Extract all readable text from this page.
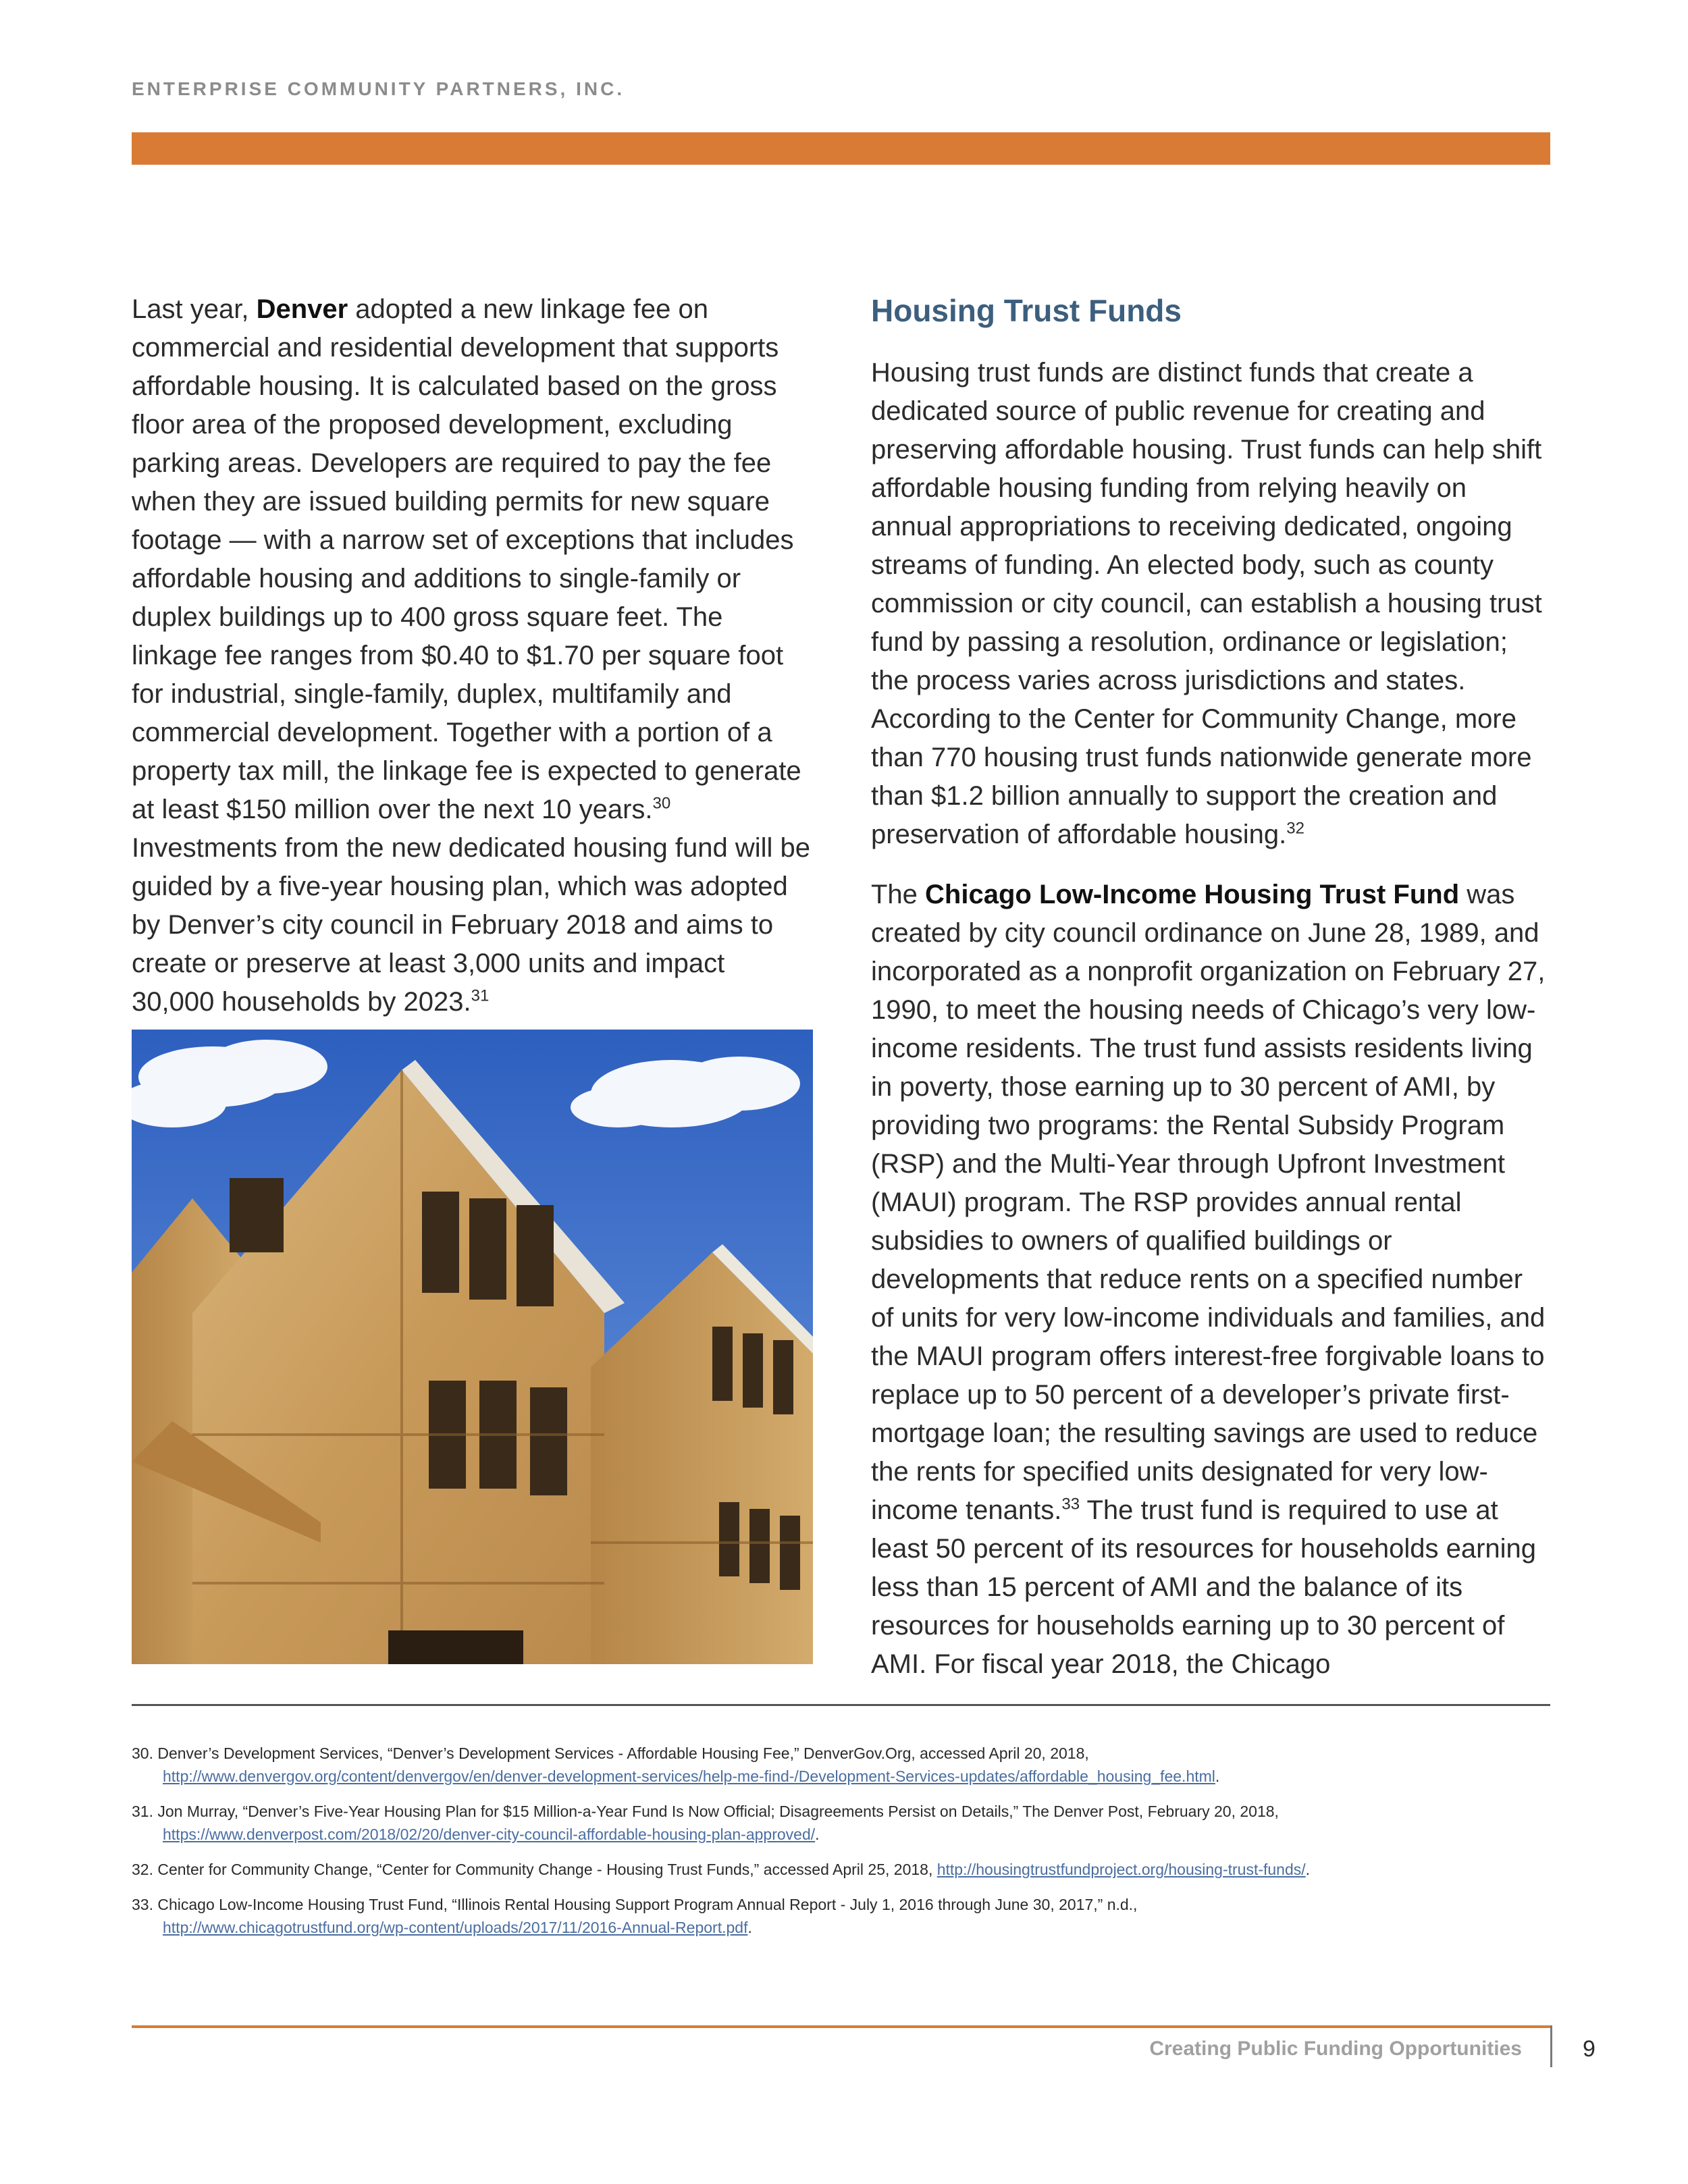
ENTERPRISE COMMUNITY PARTNERS, INC.

Last year, Denver adopted a new linkage fee on commercial and residential development that supports affordable housing. It is calculated based on the gross floor area of the proposed development, excluding parking areas. Developers are required to pay the fee when they are issued building permits for new square footage — with a narrow set of exceptions that includes affordable housing and additions to single-family or duplex buildings up to 400 gross square feet. The linkage fee ranges from $0.40 to $1.70 per square foot for industrial, single-family, duplex, multifamily and commercial development. Together with a portion of a property tax mill, the linkage fee is expected to generate at least $150 million over the next 10 years.$^{30}$ Investments from the new dedicated housing fund will be guided by a five-year housing plan, which was adopted by Denver’s city council in February 2018 and aims to create or preserve at least 3,000 units and impact 30,000 households by 2023.31

Housing Trust Funds

Housing trust funds are distinct funds that create a dedicated source of public revenue for creating and preserving affordable housing. Trust funds can help shift affordable housing funding from relying heavily on annual appropriations to receiving dedicated, ongoing streams of funding. An elected body, such as county commission or city council, can establish a housing trust fund by passing a resolution, ordinance or legislation; the process varies across jurisdictions and states. According to the Center for Community Change, more than 770 housing trust funds nationwide generate more than $1.2 billion annually to support the creation and preservation of affordable housing.$^{32}$

The Chicago Low-Income Housing Trust Fund was created by city council ordinance on June 28, 1989, and incorporated as a nonprofit organization on February 27, 1990, to meet the housing needs of Chicago’s very low-income residents. The trust fund assists residents living in poverty, those earning up to 30 percent of AMI, by providing two programs: the Rental Subsidy Program (RSP) and the Multi-Year through Upfront Investment (MAUI) program. The RSP provides annual rental subsidies to owners of qualified buildings or developments that reduce rents on a specified number of units for very low-income individuals and families, and the MAUI program offers interest-free forgivable loans to replace up to 50 percent of a developer’s private first-mortgage loan; the resulting savings are used to reduce the rents for specified units designated for very low-income tenants.$^{33}$ The trust fund is required to use at least 50 percent of its resources for households earning less than 15 percent of AMI and the balance of its resources for households earning up to 30 percent of AMI. For fiscal year 2018, the Chicago

30. Denver’s Development Services, “Denver’s Development Services - Affordable Housing Fee,” DenverGov.Org, accessed April 20, 2018,
http://www.denvergov.org/content/denvergov/en/denver-development-services/help-me-find-/Development-Services-updates/affordable_housing_fee.html.

31. Jon Murray, “Denver’s Five-Year Housing Plan for $15 Million-a-Year Fund Is Now Official; Disagreements Persist on Details,” The Denver Post, February 20, 2018,
https://www.denverpost.com/2018/02/20/denver-city-council-affordable-housing-plan-approved/.

32. Center for Community Change, “Center for Community Change - Housing Trust Funds,” accessed April 25, 2018, http://housingtrustfundproject.org/housing-trust-funds/.

33. Chicago Low-Income Housing Trust Fund, “Illinois Rental Housing Support Program Annual Report - July 1, 2016 through June 30, 2017,” n.d.,
http://www.chicagotrustfund.org/wp-content/uploads/2017/11/2016-Annual-Report.pdf.

Creating Public Funding Opportunities	9
